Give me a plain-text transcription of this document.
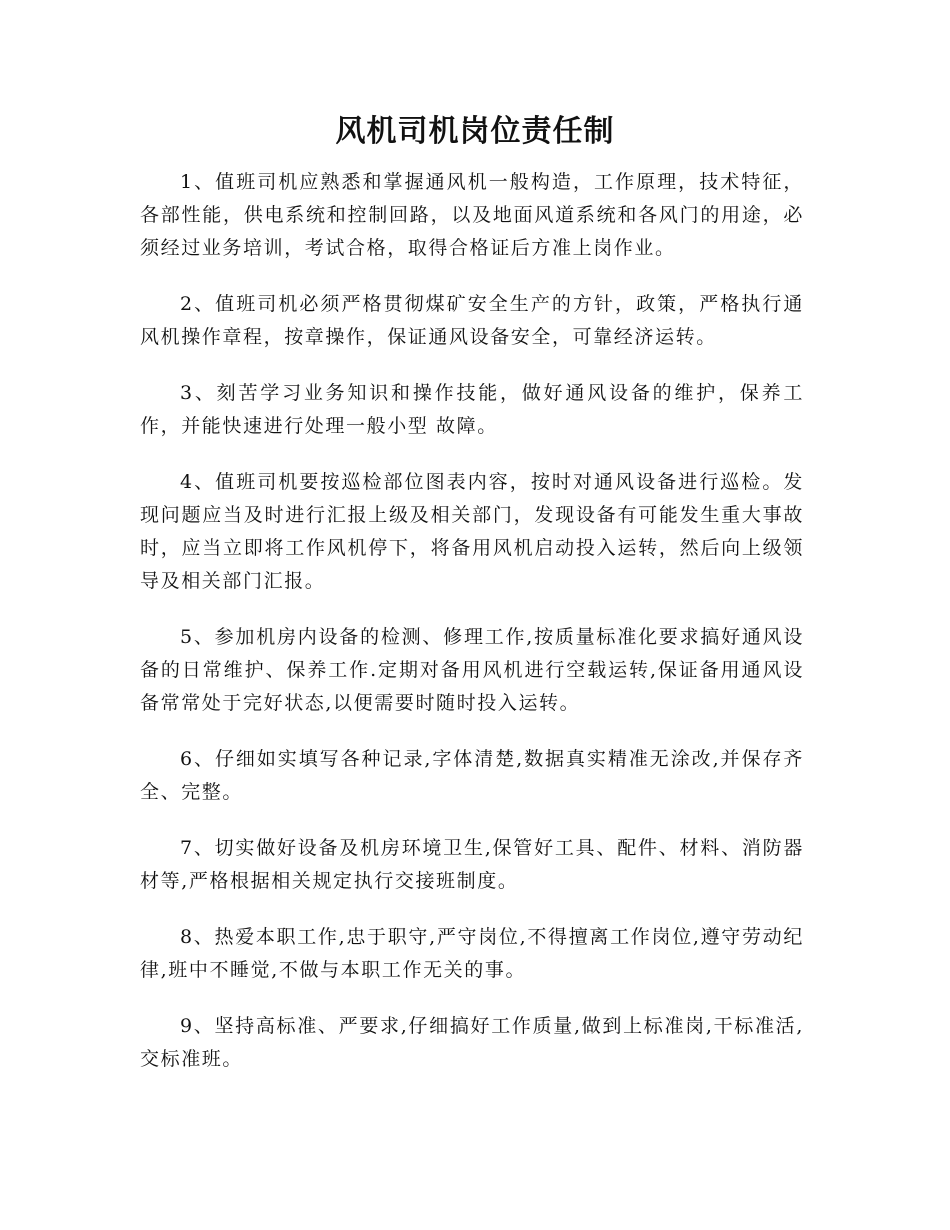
风机司机岗位责任制

1、值班司机应熟悉和掌握通风机一般构造，工作原理，技术特征，各部性能，供电系统和控制回路，以及地面风道系统和各风门的用途，必须经过业务培训，考试合格，取得合格证后方准上岗作业。

2、值班司机必须严格贯彻煤矿安全生产的方针，政策，严格执行通风机操作章程，按章操作，保证通风设备安全，可靠经济运转。

3、刻苦学习业务知识和操作技能，做好通风设备的维护，保养工作，并能快速进行处理一般小型 故障。

4、值班司机要按巡检部位图表内容，按时对通风设备进行巡检。发现问题应当及时进行汇报上级及相关部门，发现设备有可能发生重大事故时，应当立即将工作风机停下，将备用风机启动投入运转，然后向上级领导及相关部门汇报。

5、参加机房内设备的检测、修理工作,按质量标准化要求搞好通风设备的日常维护、保养工作.定期对备用风机进行空载运转,保证备用通风设备常常处于完好状态,以便需要时随时投入运转。

6、仔细如实填写各种记录,字体清楚,数据真实精准无涂改,并保存齐全、完整。

7、切实做好设备及机房环境卫生,保管好工具、配件、材料、消防器材等,严格根据相关规定执行交接班制度。

8、热爱本职工作,忠于职守,严守岗位,不得擅离工作岗位,遵守劳动纪律,班中不睡觉,不做与本职工作无关的事。

9、坚持高标准、严要求,仔细搞好工作质量,做到上标准岗,干标准活,交标准班。
